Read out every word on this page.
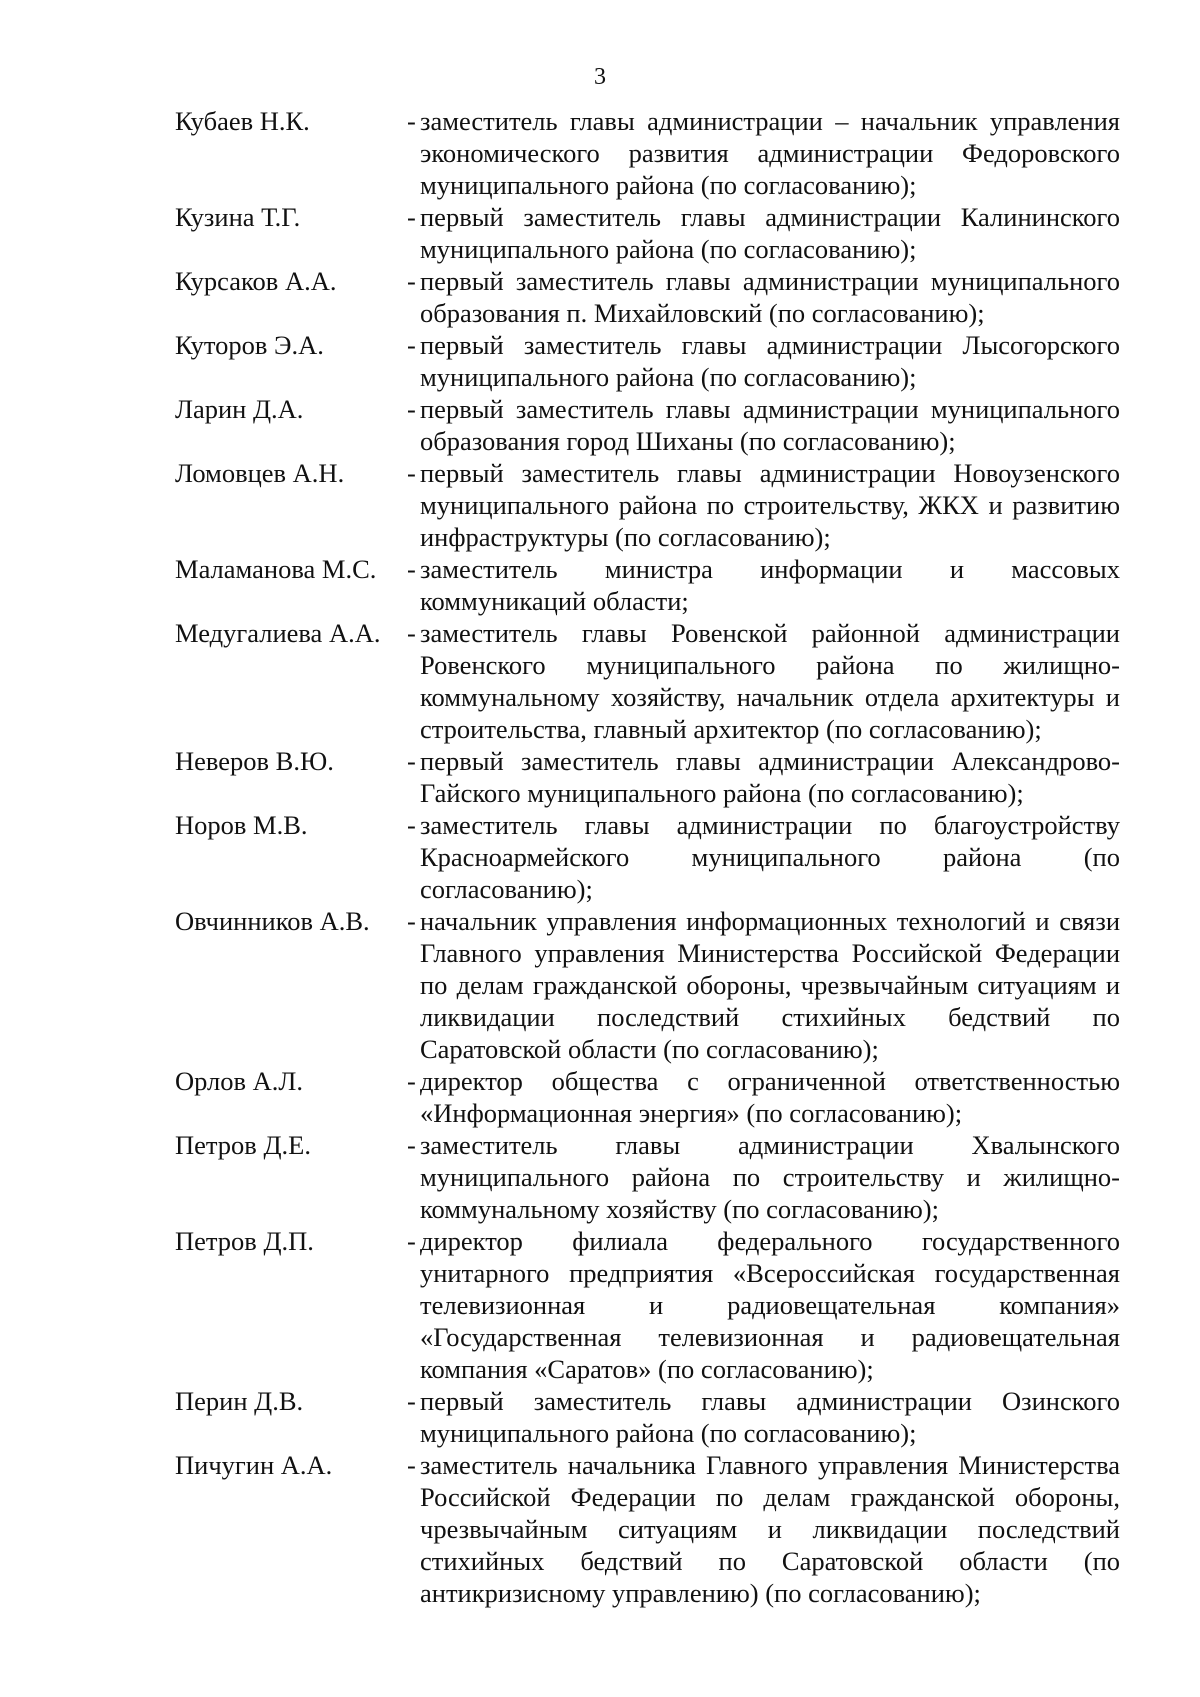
3
Кубаев Н.К.	- заместитель главы администрации – начальник управления экономического развития администрации Федоровского муниципального района (по согласованию);
Кузина Т.Г.	- первый заместитель главы администрации Калининского муниципального района (по согласованию);
Курсаков А.А.	- первый заместитель главы администрации муниципального образования п. Михайловский (по согласованию);
Куторов Э.А.	- первый заместитель главы администрации Лысогорского муниципального района (по согласованию);
Ларин Д.А.	- первый заместитель главы администрации муниципального образования город Шиханы (по согласованию);
Ломовцев А.Н.	- первый заместитель главы администрации Новоузенского муниципального района по строительству, ЖКХ и развитию инфраструктуры (по согласованию);
Маламанова М.С.	- заместитель министра информации и массовых коммуникаций области;
Медугалиева А.А.	- заместитель главы Ровенской районной администрации Ровенского муниципального района по жилищно-коммунальному хозяйству, начальник отдела архитектуры и строительства, главный архитектор (по согласованию);
Неверов В.Ю.	- первый заместитель главы администрации Александрово-Гайского муниципального района (по согласованию);
Норов М.В.	- заместитель главы администрации по благоустройству Красноармейского муниципального района (по согласованию);
Овчинников А.В.	- начальник управления информационных технологий и связи Главного управления Министерства Российской Федерации по делам гражданской обороны, чрезвычайным ситуациям и ликвидации последствий стихийных бедствий по Саратовской области (по согласованию);
Орлов А.Л.	- директор общества с ограниченной ответственностью «Информационная энергия» (по согласованию);
Петров Д.Е.	- заместитель главы администрации Хвалынского муниципального района по строительству и жилищно-коммунальному хозяйству (по согласованию);
Петров Д.П.	- директор филиала федерального государственного унитарного предприятия «Всероссийская государственная телевизионная и радиовещательная компания» «Государственная телевизионная и радиовещательная компания «Саратов» (по согласованию);
Перин Д.В.	- первый заместитель главы администрации Озинского муниципального района (по согласованию);
Пичугин А.А.	- заместитель начальника Главного управления Министерства Российской Федерации по делам гражданской обороны, чрезвычайным ситуациям и ликвидации последствий стихийных бедствий по Саратовской области (по антикризисному управлению) (по согласованию);
